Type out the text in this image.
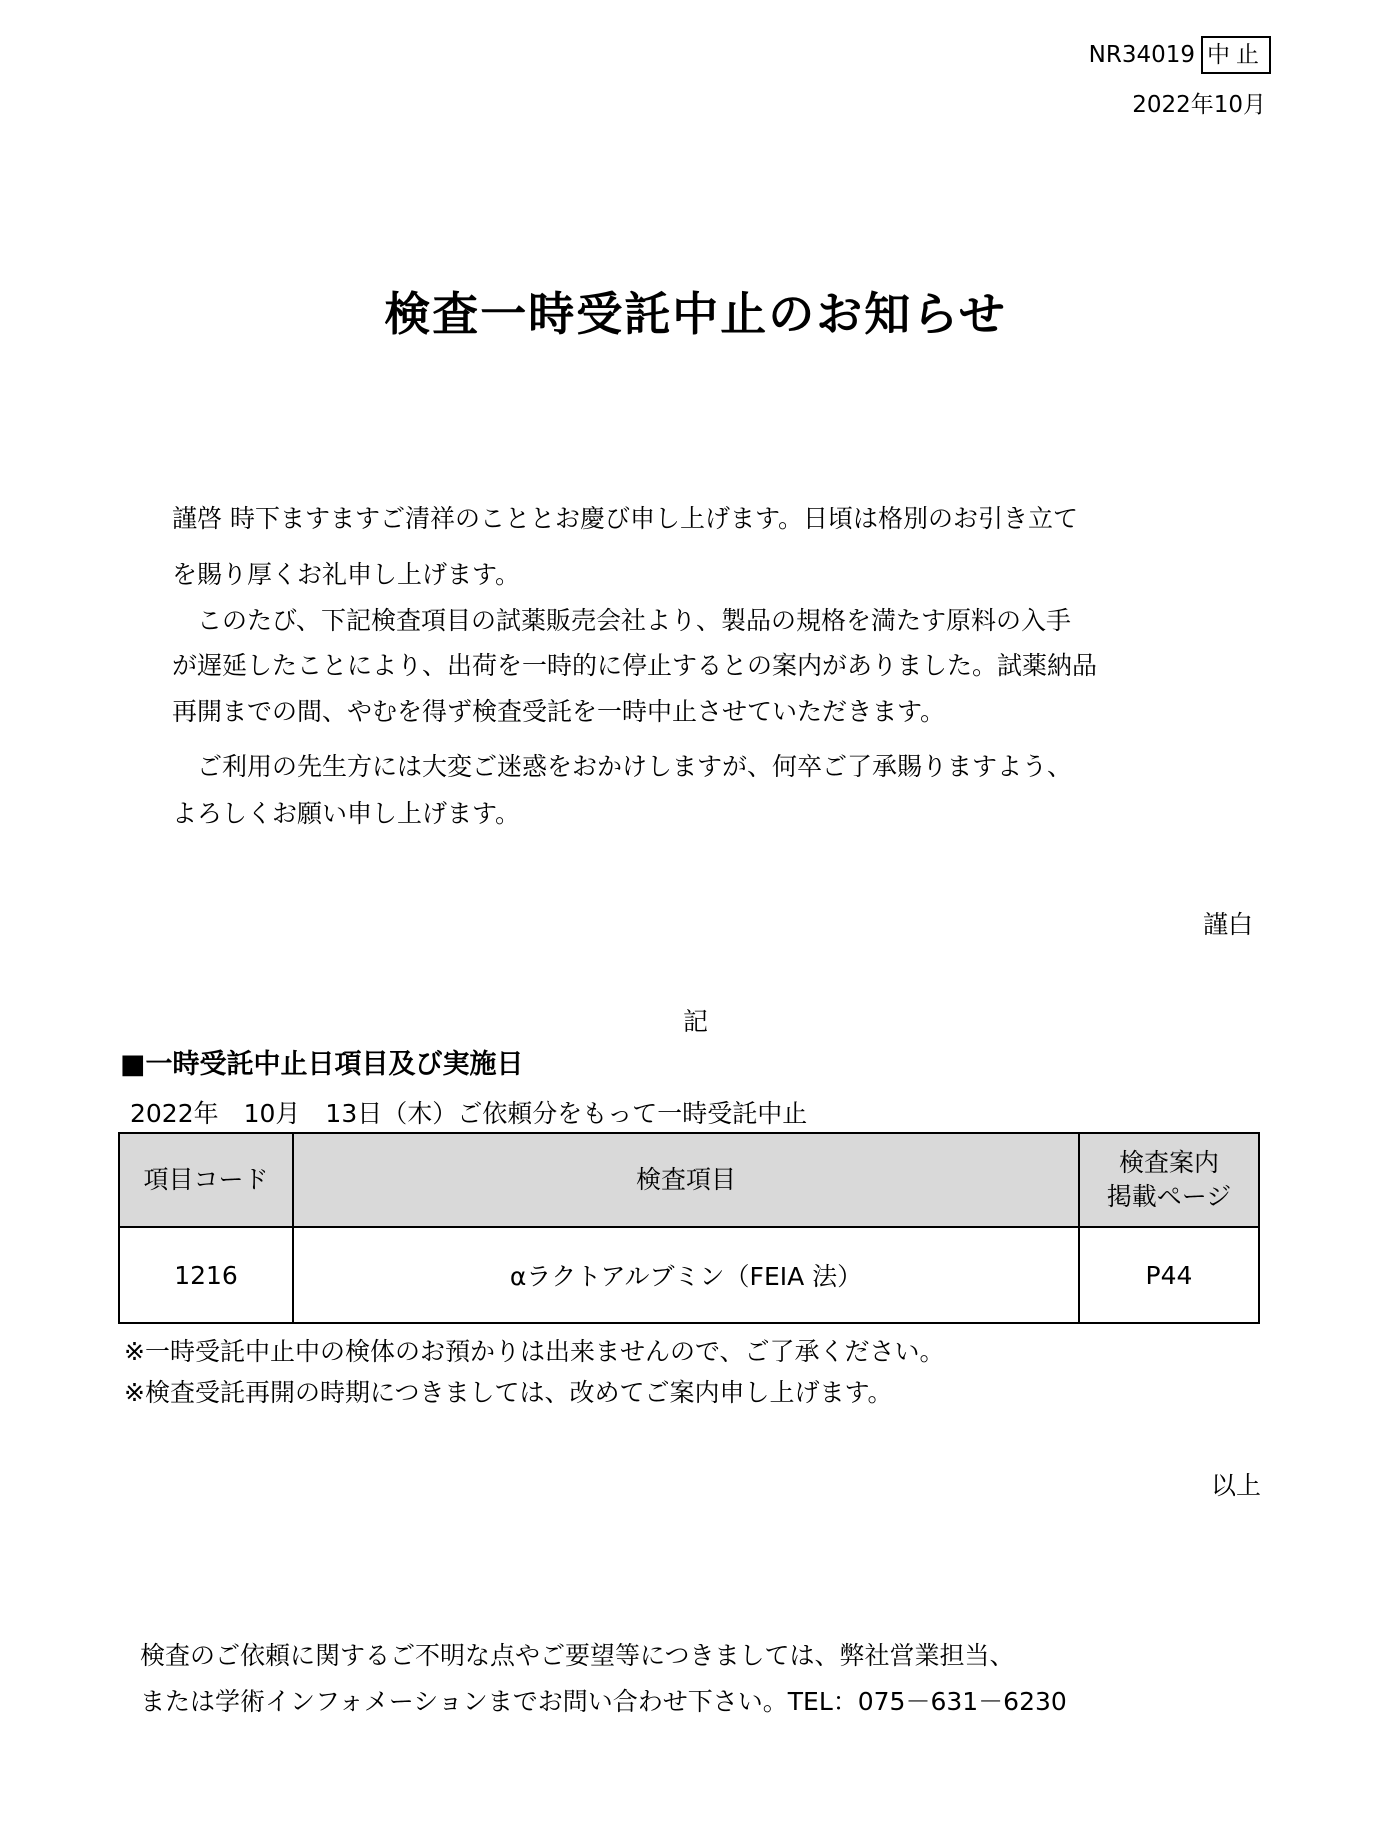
NR34019 中止
2022年10月
検査一時受託中止のお知らせ
謹啓 時下ますますご清祥のこととお慶び申し上げます。日頃は格別のお引き立て
を賜り厚くお礼申し上げます。
　このたび、下記検査項目の試薬販売会社より、製品の規格を満たす原料の入手
が遅延したことにより、出荷を一時的に停止するとの案内がありました。試薬納品
再開までの間、やむを得ず検査受託を一時中止させていただきます。
　ご利用の先生方には大変ご迷惑をおかけしますが、何卒ご了承賜りますよう、
よろしくお願い申し上げます。
謹白
記
■一時受託中止日項目及び実施日
2022年　10月　13日（木）ご依頼分をもって一時受託中止
項目コード	検査項目	検査案内
掲載ページ
1216	αラクトアルブミン（FEIA 法）	P44
※一時受託中止中の検体のお預かりは出来ませんので、ご了承ください。
※検査受託再開の時期につきましては、改めてご案内申し上げます。
以上
検査のご依頼に関するご不明な点やご要望等につきましては、弊社営業担当、
または学術インフォメーションまでお問い合わせ下さい。TEL：075－631－6230
